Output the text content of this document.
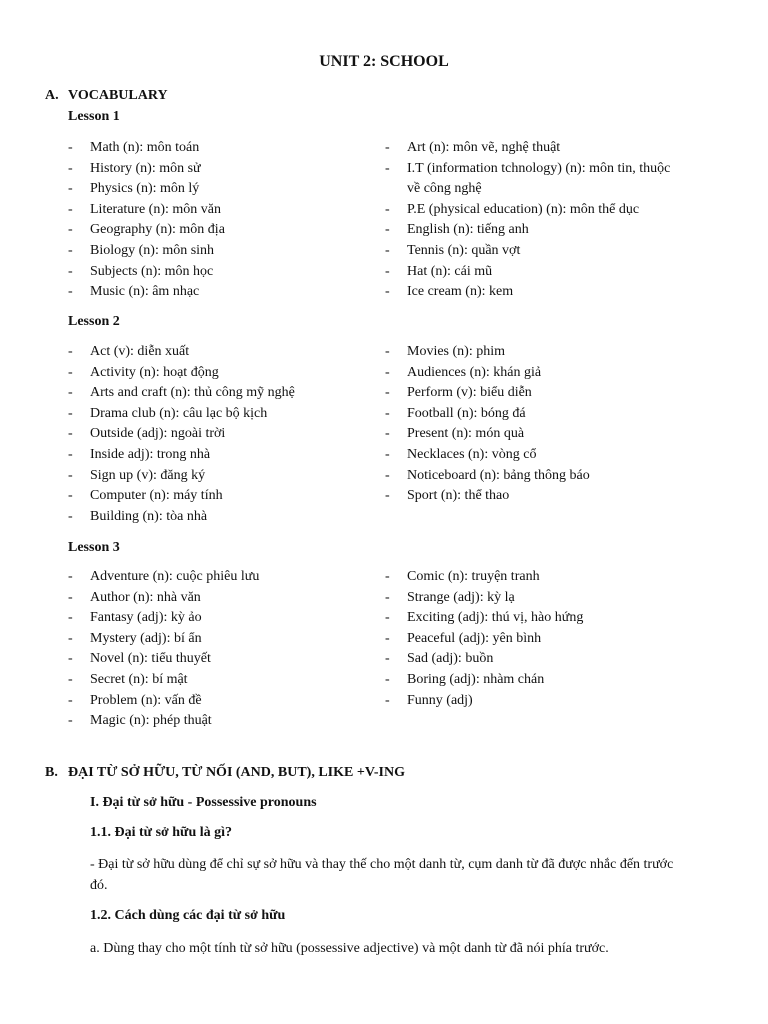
UNIT 2: SCHOOL
A. VOCABULARY
Lesson 1
- Math (n): môn toán
- History (n): môn sử
- Physics (n): môn lý
- Literature (n): môn văn
- Geography (n): môn địa
- Biology (n): môn sinh
- Subjects (n): môn học
- Music (n): âm nhạc
- Art (n): môn vẽ, nghệ thuật
- I.T (information tchnology) (n): môn tin, thuộc về công nghệ
- P.E (physical education) (n): môn thể dục
- English (n): tiếng anh
- Tennis (n): quần vợt
- Hat (n): cái mũ
- Ice cream (n): kem
Lesson 2
- Act (v): diễn xuất
- Activity (n): hoạt động
- Arts and craft (n): thủ công mỹ nghệ
- Drama club (n): câu lạc bộ kịch
- Outside (adj): ngoài trời
- Inside adj): trong nhà
- Sign up (v): đăng ký
- Computer (n): máy tính
- Building (n): tòa nhà
- Movies (n): phim
- Audiences (n): khán giả
- Perform (v): biểu diễn
- Football (n): bóng đá
- Present (n): món quà
- Necklaces (n): vòng cổ
- Noticeboard (n): bảng thông báo
- Sport (n): thể thao
Lesson 3
- Adventure (n): cuộc phiêu lưu
- Author (n): nhà văn
- Fantasy (adj): kỳ ảo
- Mystery (adj): bí ẩn
- Novel (n): tiểu thuyết
- Secret (n): bí mật
- Problem (n): vấn đề
- Magic (n): phép thuật
- Comic (n): truyện tranh
- Strange (adj): kỳ lạ
- Exciting (adj): thú vị, hào hứng
- Peaceful (adj): yên bình
- Sad (adj): buồn
- Boring (adj): nhàm chán
- Funny (adj)
B. ĐẠI TỪ SỞ HỮU, TỪ NỐI (AND, BUT), LIKE +V-ING
I. Đại từ sở hữu - Possessive pronouns
1.1. Đại từ sở hữu là gì?
- Đại từ sở hữu dùng để chỉ sự sở hữu và thay thế cho một danh từ, cụm danh từ đã được nhắc đến trước đó.
1.2. Cách dùng các đại từ sở hữu
a. Dùng thay cho một tính từ sở hữu (possessive adjective) và một danh từ đã nói phía trước.
